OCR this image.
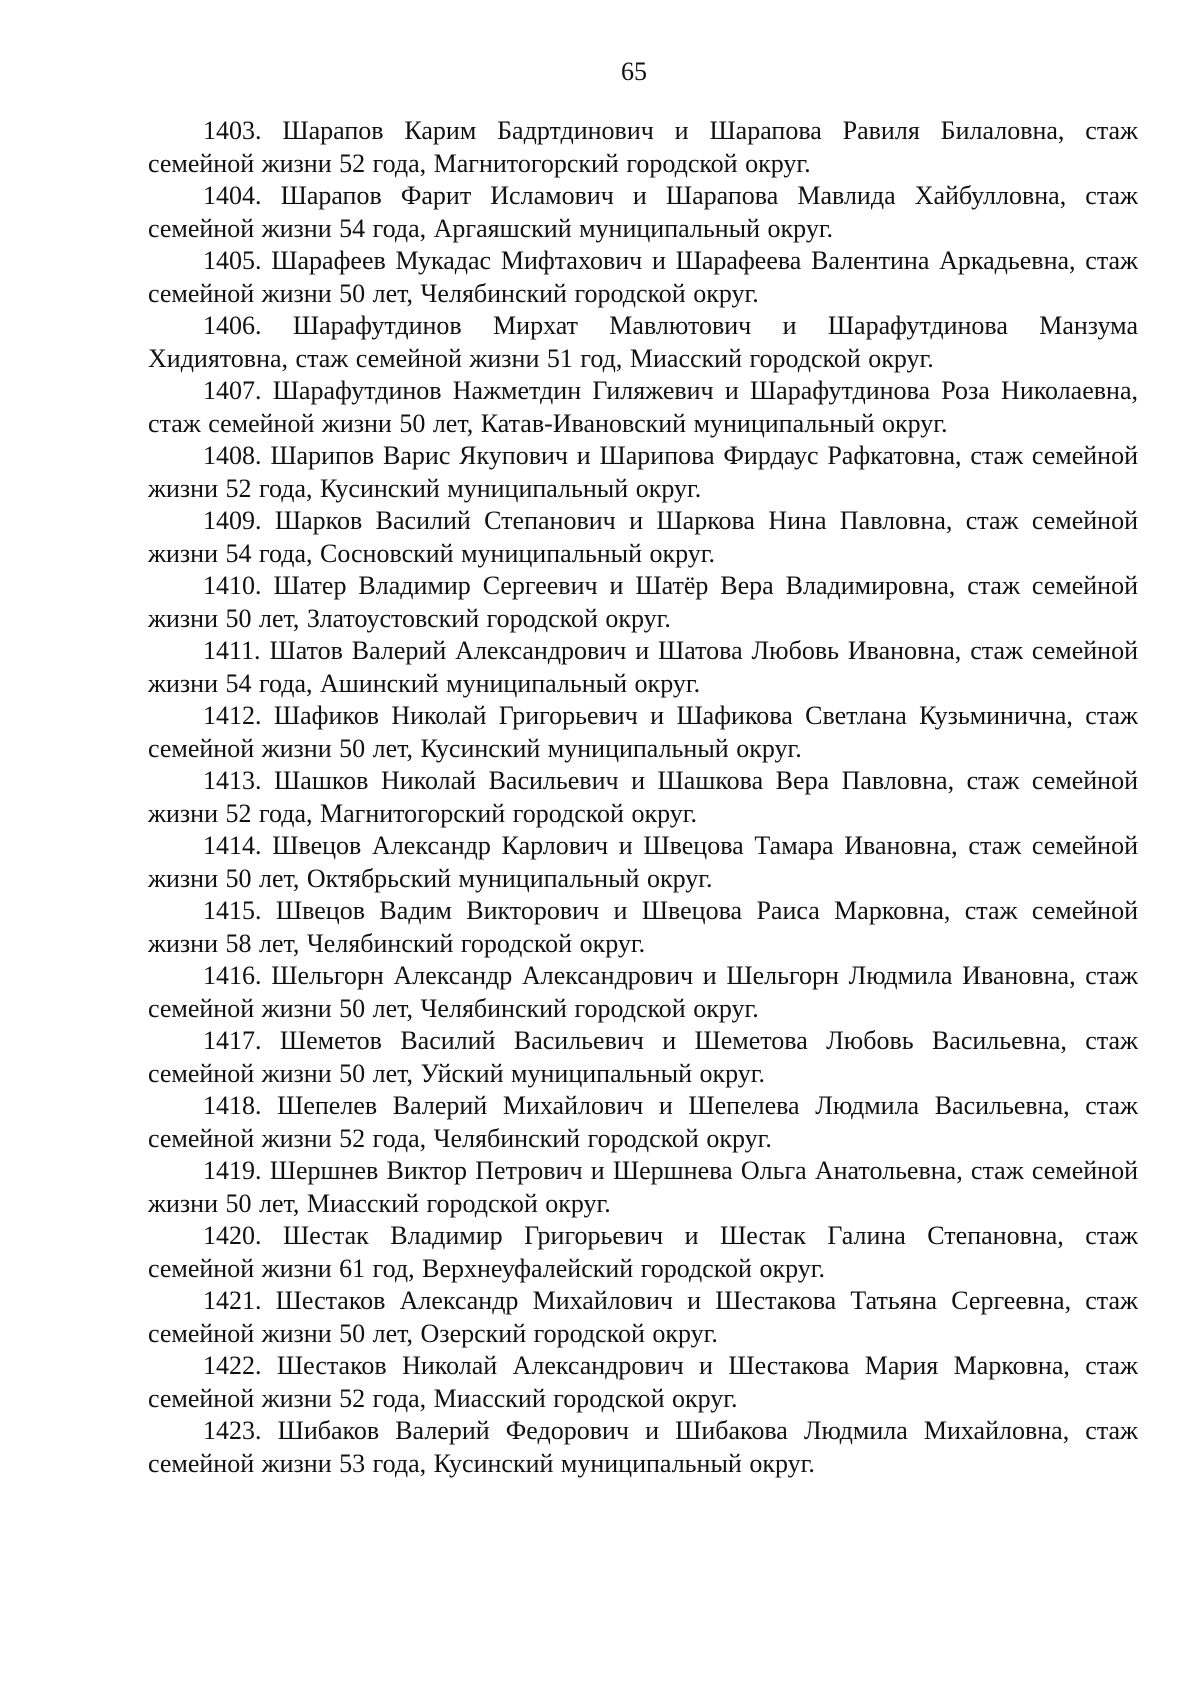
65

1403. Шарапов Карим Бадртдинович и Шарапова Равиля Билаловна, стаж семейной жизни 52 года, Магнитогорский городской округ.

1404. Шарапов Фарит Исламович и Шарапова Мавлида Хайбулловна, стаж семейной жизни 54 года, Аргаяшский муниципальный округ.

1405. Шарафеев Мукадас Мифтахович и Шарафеева Валентина Аркадьевна, стаж семейной жизни 50 лет, Челябинский городской округ.

1406. Шарафутдинов Мирхат Мавлютович и Шарафутдинова Манзума Хидиятовна, стаж семейной жизни 51 год, Миасский городской округ.

1407. Шарафутдинов Нажметдин Гиляжевич и Шарафутдинова Роза Николаевна, стаж семейной жизни 50 лет, Катав-Ивановский муниципальный округ.

1408. Шарипов Варис Якупович и Шарипова Фирдаус Рафкатовна, стаж семейной жизни 52 года, Кусинский муниципальный округ.

1409. Шарков Василий Степанович и Шаркова Нина Павловна, стаж семейной жизни 54 года, Сосновский муниципальный округ.

1410. Шатер Владимир Сергеевич и Шатёр Вера Владимировна, стаж семейной жизни 50 лет, Златоустовский городской округ.

1411. Шатов Валерий Александрович и Шатова Любовь Ивановна, стаж семейной жизни 54 года, Ашинский муниципальный округ.

1412. Шафиков Николай Григорьевич и Шафикова Светлана Кузьминична, стаж семейной жизни 50 лет, Кусинский муниципальный округ.

1413. Шашков Николай Васильевич и Шашкова Вера Павловна, стаж семейной жизни 52 года, Магнитогорский городской округ.

1414. Швецов Александр Карлович и Швецова Тамара Ивановна, стаж семейной жизни 50 лет, Октябрьский муниципальный округ.

1415. Швецов Вадим Викторович и Швецова Раиса Марковна, стаж семейной жизни 58 лет, Челябинский городской округ.

1416. Шельгорн Александр Александрович и Шельгорн Людмила Ивановна, стаж семейной жизни 50 лет, Челябинский городской округ.

1417. Шеметов Василий Васильевич и Шеметова Любовь Васильевна, стаж семейной жизни 50 лет, Уйский муниципальный округ.

1418. Шепелев Валерий Михайлович и Шепелева Людмила Васильевна, стаж семейной жизни 52 года, Челябинский городской округ.

1419. Шершнев Виктор Петрович и Шершнева Ольга Анатольевна, стаж семейной жизни 50 лет, Миасский городской округ.

1420. Шестак Владимир Григорьевич и Шестак Галина Степановна, стаж семейной жизни 61 год, Верхнеуфалейский городской округ.

1421. Шестаков Александр Михайлович и Шестакова Татьяна Сергеевна, стаж семейной жизни 50 лет, Озерский городской округ.

1422. Шестаков Николай Александрович и Шестакова Мария Марковна, стаж семейной жизни 52 года, Миасский городской округ.

1423. Шибаков Валерий Федорович и Шибакова Людмила Михайловна, стаж семейной жизни 53 года, Кусинский муниципальный округ.
